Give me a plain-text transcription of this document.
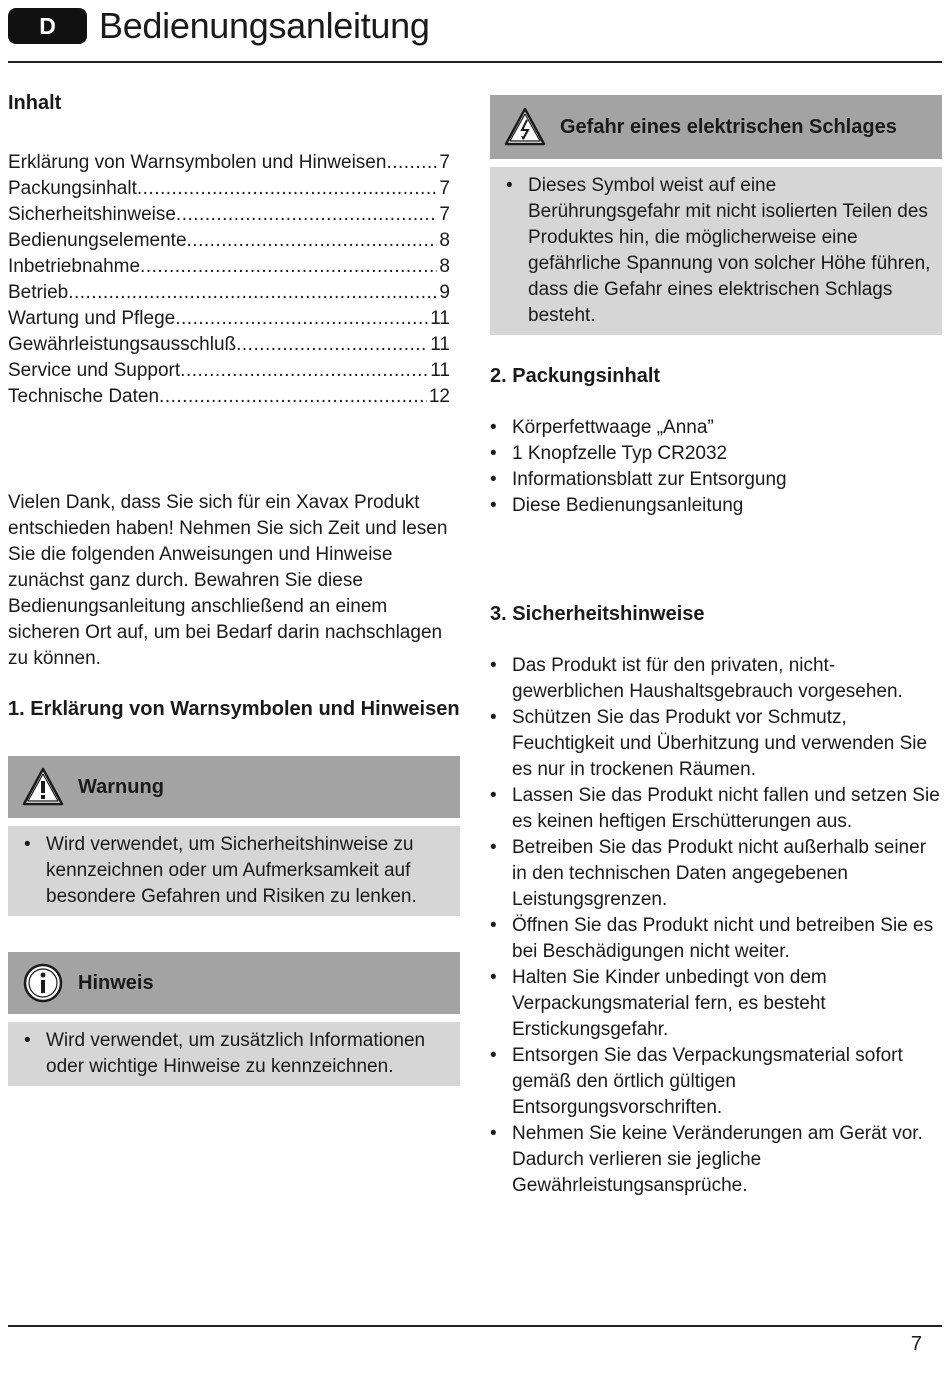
D	Bedienungsanleitung
Inhalt
Erklärung von Warnsymbolen und Hinweisen .....	7
Packungsinhalt .....	7
Sicherheitshinweise .....	7
Bedienungselemente .....	8
Inbetriebnahme .....	8
Betrieb .....	9
Wartung und Pflege .....	11
Gewährleistungsausschluß .....	11
Service und Support .....	11
Technische Daten .....	12

Vielen Dank, dass Sie sich für ein Xavax Produkt entschieden haben! Nehmen Sie sich Zeit und lesen Sie die folgenden Anweisungen und Hinweise zunächst ganz durch. Bewahren Sie diese Bedienungsanleitung anschließend an einem sicheren Ort auf, um bei Bedarf darin nachschlagen zu können.

1. Erklärung von Warnsymbolen und Hinweisen
Warnung
• Wird verwendet, um Sicherheitshinweise zu kennzeichnen oder um Aufmerksamkeit auf besondere Gefahren und Risiken zu lenken.
Hinweis
• Wird verwendet, um zusätzlich Informationen oder wichtige Hinweise zu kennzeichnen.
Gefahr eines elektrischen Schlages
• Dieses Symbol weist auf eine Berührungsgefahr mit nicht isolierten Teilen des Produktes hin, die möglicherweise eine gefährliche Spannung von solcher Höhe führen, dass die Gefahr eines elektrischen Schlags besteht.
2. Packungsinhalt
• Körperfettwaage „Anna”
• 1 Knopfzelle Typ CR2032
• Informationsblatt zur Entsorgung
• Diese Bedienungsanleitung
3. Sicherheitshinweise
• Das Produkt ist für den privaten, nicht-gewerblichen Haushaltsgebrauch vorgesehen.
• Schützen Sie das Produkt vor Schmutz, Feuchtigkeit und Überhitzung und verwenden Sie es nur in trockenen Räumen.
• Lassen Sie das Produkt nicht fallen und setzen Sie es keinen heftigen Erschütterungen aus.
• Betreiben Sie das Produkt nicht außerhalb seiner in den technischen Daten angegebenen Leistungsgrenzen.
• Öffnen Sie das Produkt nicht und betreiben Sie es bei Beschädigungen nicht weiter.
• Halten Sie Kinder unbedingt von dem Verpackungsmaterial fern, es besteht Erstickungsgefahr.
• Entsorgen Sie das Verpackungsmaterial sofort gemäß den örtlich gültigen Entsorgungsvorschriften.
• Nehmen Sie keine Veränderungen am Gerät vor. Dadurch verlieren sie jegliche Gewährleistungsansprüche.
7
